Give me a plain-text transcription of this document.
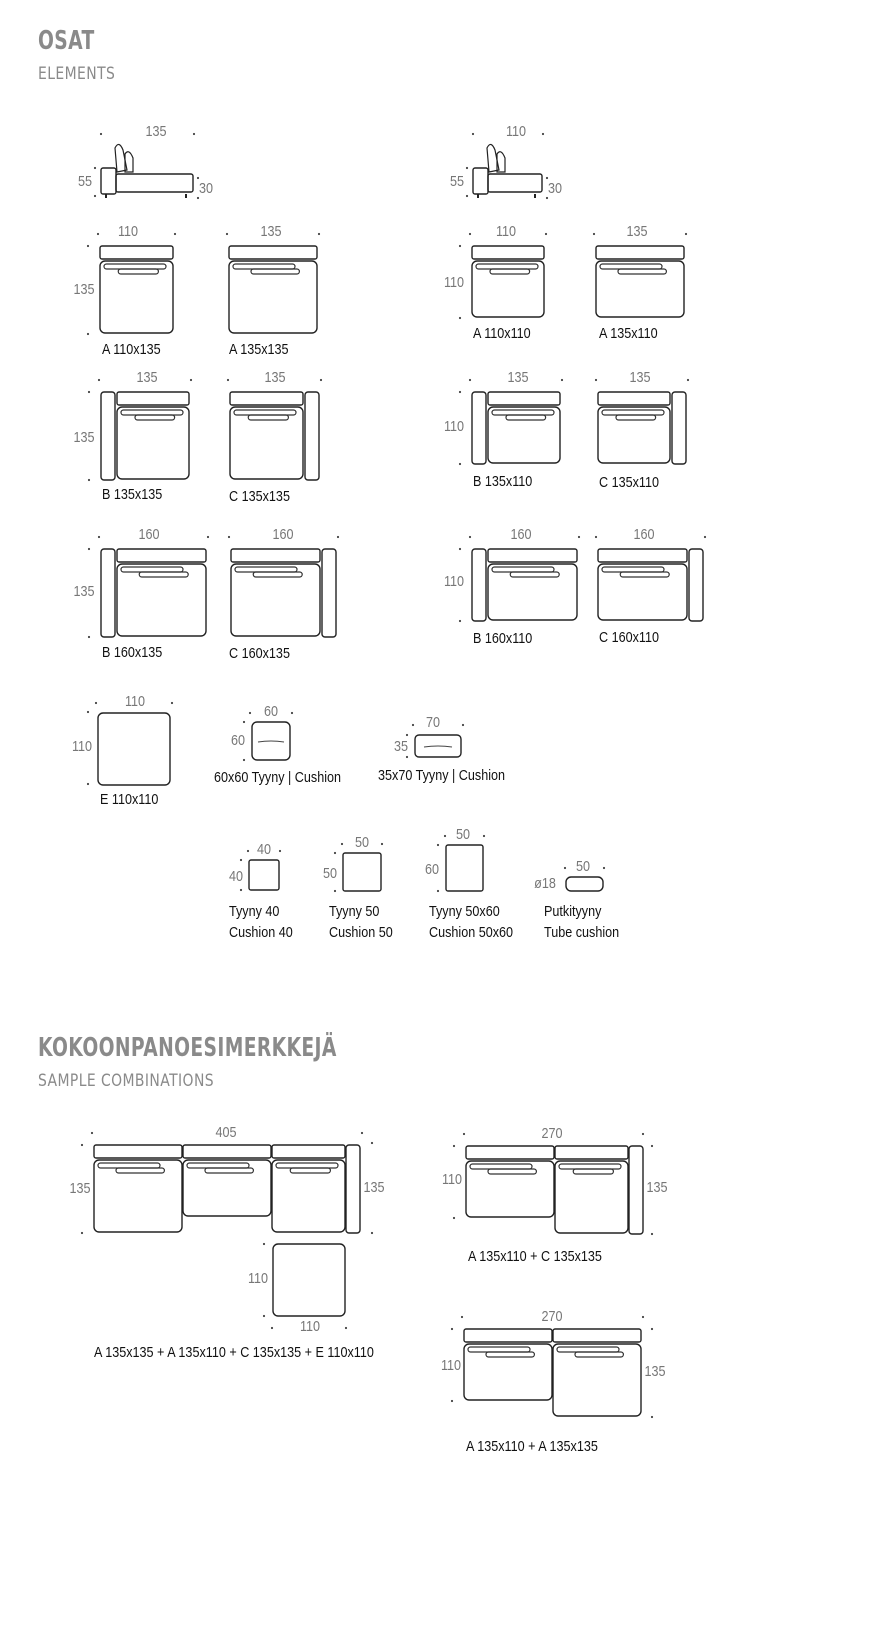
OSAT
ELEMENTS
KOKOONPANOESIMERKKEJÄ
SAMPLE COMBINATIONS
135
55	30
110
55	30
110
135
A 110x135
135
A 135x135
110
110
A 110x110
135
A 135x110
135
135
B 135x135
135
C 135x135
135
110
B 135x110
135
C 135x110
160
135
B 160x135
160
C 160x135
160
110
B 160x110
160
C 160x110
110
110
E 110x110
60
60
60x60 Tyyny | Cushion
70
35
35x70 Tyyny | Cushion
40
40
Tyyny 40
Cushion 40
50
50
Tyyny 50
Cushion 50
50
60
Tyyny 50x60
Cushion 50x60
50
ø18
Putkityyny
Tube cushion
405
135	135
110
110
A 135x135 + A 135x110 + C 135x135 + E 110x110
270
110	135
A 135x110 + C 135x135
270
110	135
A 135x110 + A 135x135
